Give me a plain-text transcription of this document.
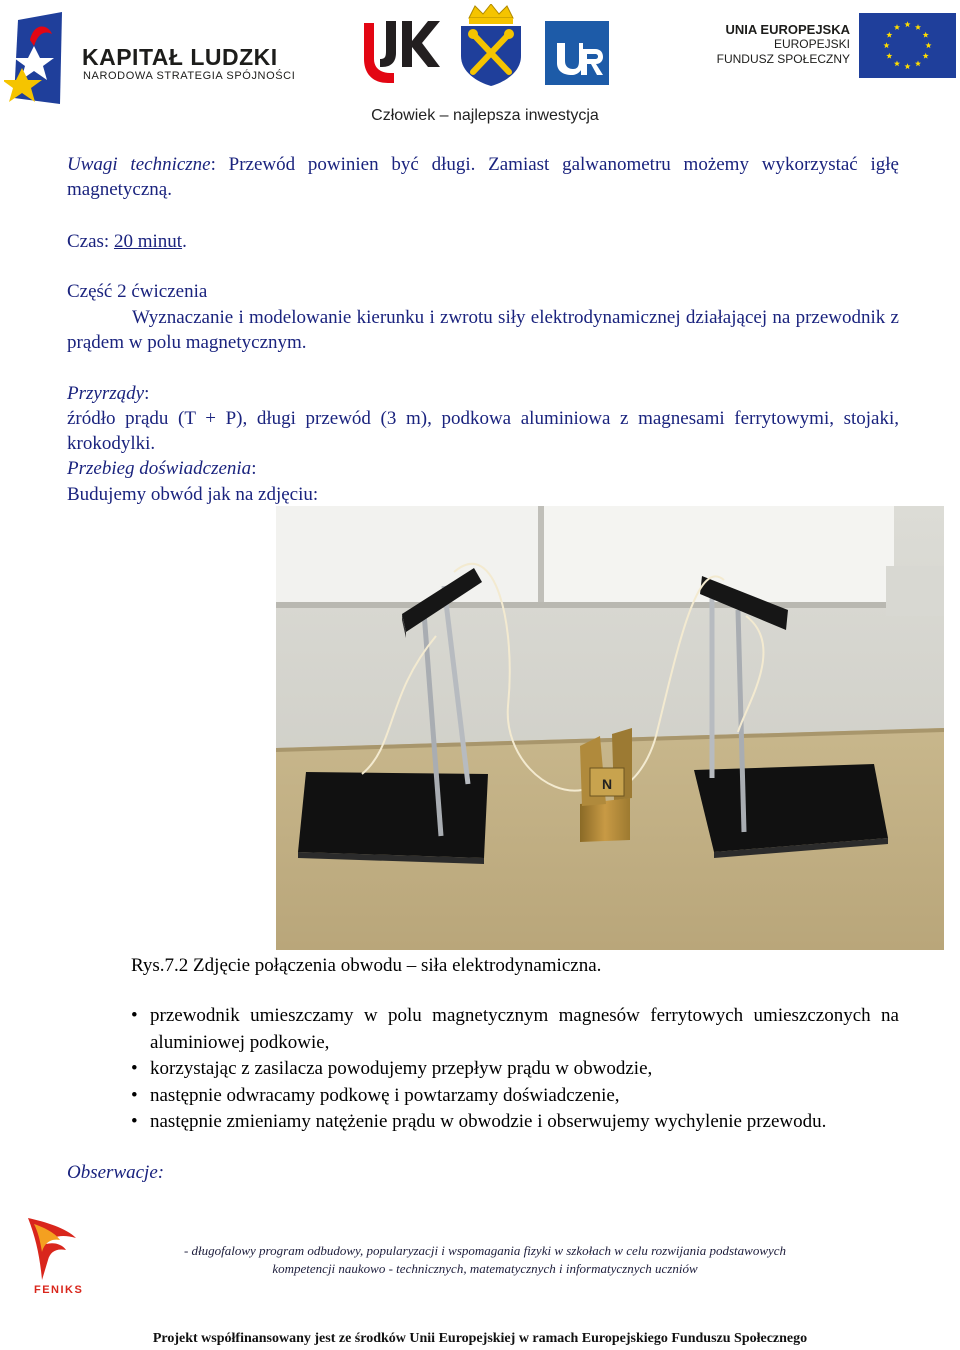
KAPITAŁ LUDZKI
NARODOWA STRATEGIA SPÓJNOŚCI
UNIA EUROPEJSKA
EUROPEJSKI
FUNDUSZ SPOŁECZNY
Człowiek – najlepsza inwestycja
Uwagi techniczne: Przewód powinien być długi. Zamiast galwanometru możemy wykorzystać igłę magnetyczną.
Czas: 20 minut.
Część 2 ćwiczenia
Wyznaczanie i modelowanie kierunku i zwrotu siły elektrodynamicznej działającej na przewodnik z prądem w polu magnetycznym.
Przyrządy:
źródło prądu (T + P), długi przewód (3 m), podkowa aluminiowa z magnesami ferrytowymi, stojaki, krokodylki.
Przebieg doświadczenia:
Budujemy obwód jak na zdjęciu:
N
Rys.7.2 Zdjęcie połączenia obwodu – siła elektrodynamiczna.
• przewodnik umieszczamy w polu magnetycznym magnesów ferrytowych umieszczonych na aluminiowej podkowie,
• korzystając z zasilacza powodujemy przepływ prądu w obwodzie,
• następnie odwracamy podkowę i powtarzamy doświadczenie,
• następnie zmieniamy natężenie prądu w obwodzie i obserwujemy wychylenie przewodu.
Obserwacje:
FENIKS
- długofalowy program odbudowy, popularyzacji i wspomagania fizyki w szkołach w celu rozwijania podstawowych
kompetencji naukowo - technicznych, matematycznych i informatycznych uczniów
Projekt współfinansowany jest ze środków Unii Europejskiej w ramach Europejskiego Funduszu Społecznego
